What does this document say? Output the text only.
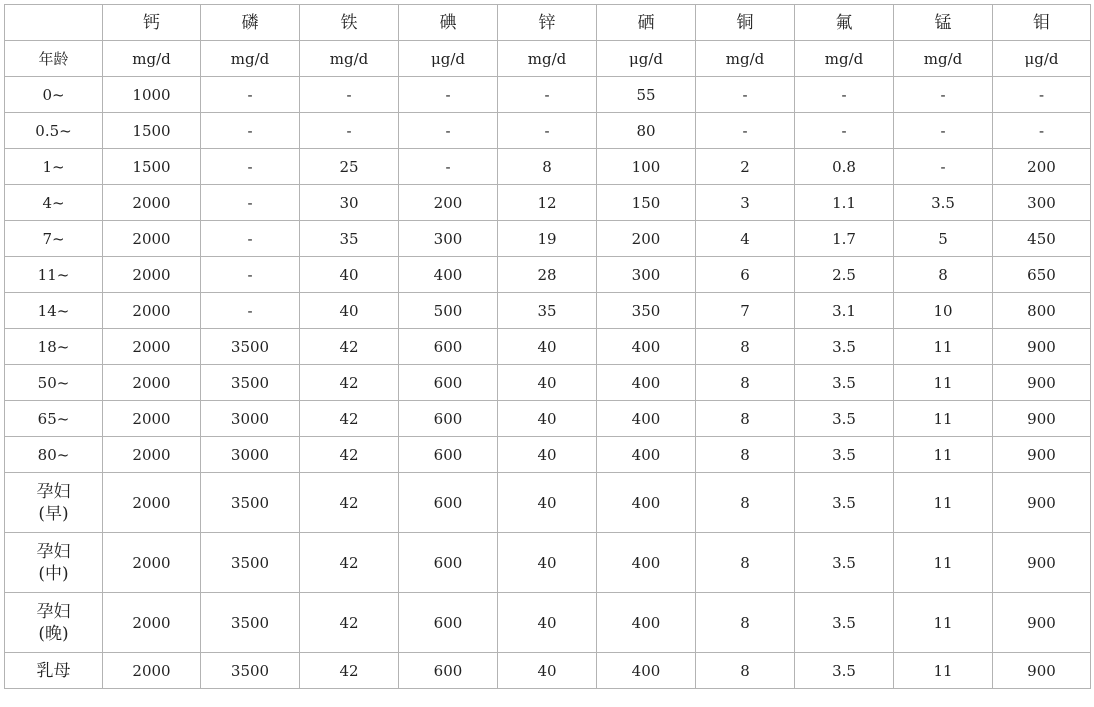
	钙	磷	铁	碘	锌	硒	铜	氟	锰	钼
年龄	mg/d	mg/d	mg/d	μg/d	mg/d	μg/d	mg/d	mg/d	mg/d	μg/d
0~	1000	-	-	-	-	55	-	-	-	-
0.5~	1500	-	-	-	-	80	-	-	-	-
1~	1500	-	25	-	8	100	2	0.8	-	200
4~	2000	-	30	200	12	150	3	1.1	3.5	300
7~	2000	-	35	300	19	200	4	1.7	5	450
11~	2000	-	40	400	28	300	6	2.5	8	650
14~	2000	-	40	500	35	350	7	3.1	10	800
18~	2000	3500	42	600	40	400	8	3.5	11	900
50~	2000	3500	42	600	40	400	8	3.5	11	900
65~	2000	3000	42	600	40	400	8	3.5	11	900
80~	2000	3000	42	600	40	400	8	3.5	11	900
孕妇
(早)	2000	3500	42	600	40	400	8	3.5	11	900
孕妇
(中)	2000	3500	42	600	40	400	8	3.5	11	900
孕妇
(晚)	2000	3500	42	600	40	400	8	3.5	11	900
乳母	2000	3500	42	600	40	400	8	3.5	11	900
